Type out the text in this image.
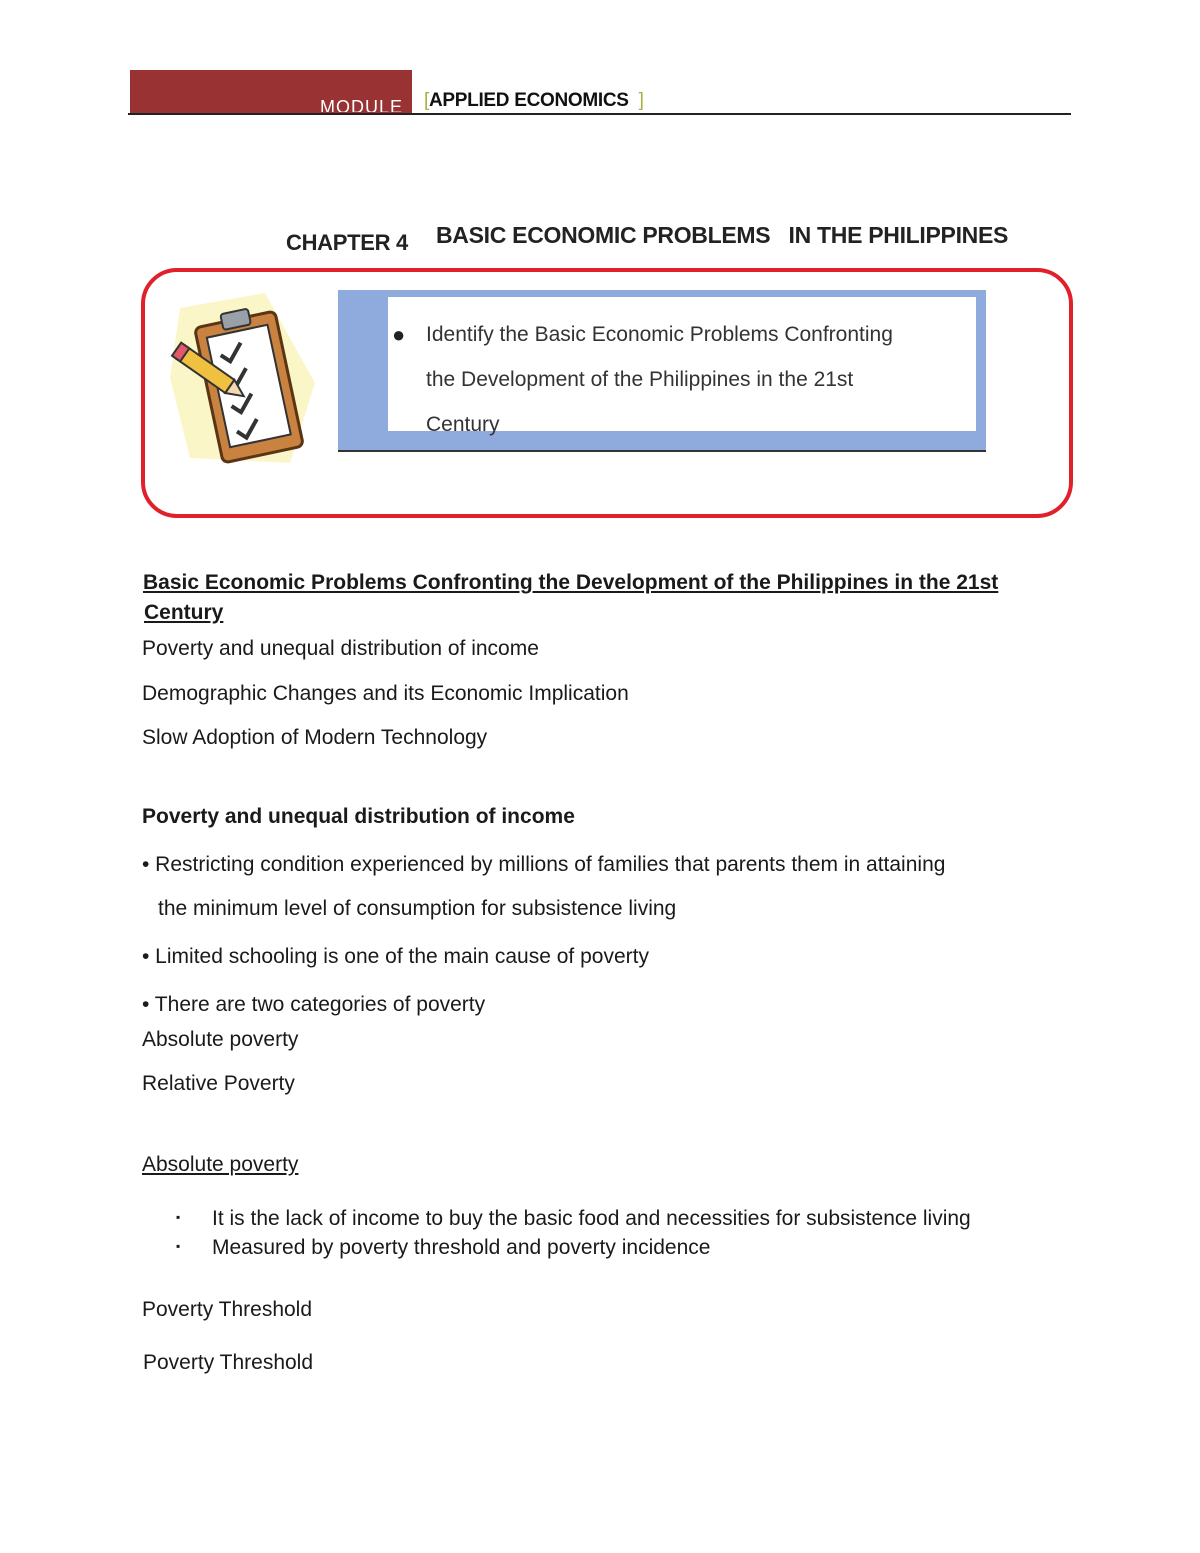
MODULE [APPLIED ECONOMICS ]
CHAPTER 4 BASIC ECONOMIC PROBLEMS   IN THE PHILIPPINES
● Identify the Basic Economic Problems Confronting
the Development of the Philippines in the 21st
Century
Basic Economic Problems Confronting the Development of the Philippines in the 21st
Century
Poverty and unequal distribution of income
Demographic Changes and its Economic Implication
Slow Adoption of Modern Technology
Poverty and unequal distribution of income
• Restricting condition experienced by millions of families that parents them in attaining
the minimum level of consumption for subsistence living
• Limited schooling is one of the main cause of poverty
• There are two categories of poverty
Absolute poverty
Relative Poverty
Absolute poverty
▪ It is the lack of income to buy the basic food and necessities for subsistence living
▪ Measured by poverty threshold and poverty incidence
Poverty Threshold
Poverty Threshold
